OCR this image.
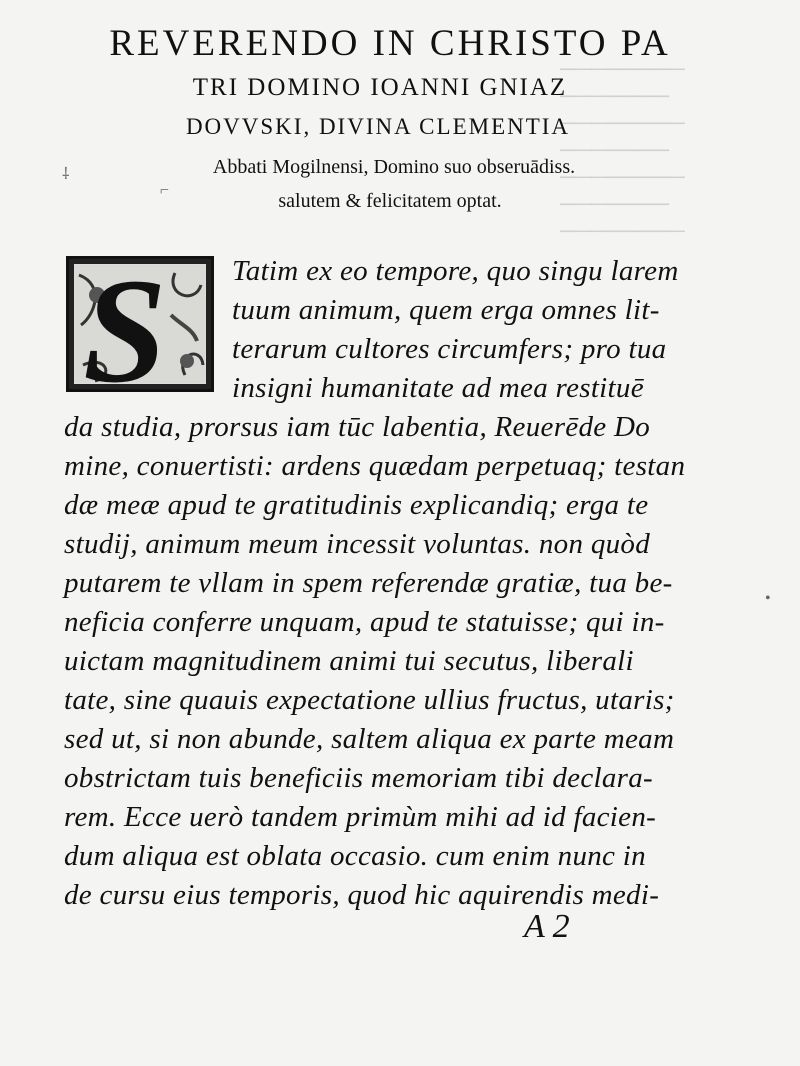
────────
───────
────────
───────
────────
───────
────────
REVERENDO IN CHRISTO PA
TRI DOMINO IOANNI GNIAZ
DOVVSKI, DIVINA CLEMENTIA
Abbati Mogilnensi, Domino suo obseruādiss.
salutem & felicitatem optat.
S Tatim ex eo tempore, quo singu larem
tuum animum, quem erga omnes lit-
terarum cultores circumfers; pro tua
insigni humanitate ad mea restituē
da studia, prorsus iam tūc labentia, Reuerēde Do
mine, conuertisti: ardens quædam perpetuaq; testan
dæ meæ apud te gratitudinis explicandiq; erga te
studij, animum meum incessit voluntas. non quòd
putarem te vllam in spem referendæ gratiæ, tua be-
neficia conferre unquam, apud te statuisse; qui in-
uictam magnitudinem animi tui secutus, liberali
tate, sine quauis expectatione ullius fructus, utaris;
sed ut, si non abunde, saltem aliqua ex parte meam
obstrictam tuis beneficiis memoriam tibi declara-
rem. Ecce uerò tandem primùm mihi ad id facien-
dum aliqua est oblata occasio. cum enim nunc in
de cursu eius temporis, quod hic aquirendis medi-
A 2
⸸
⌐
•
